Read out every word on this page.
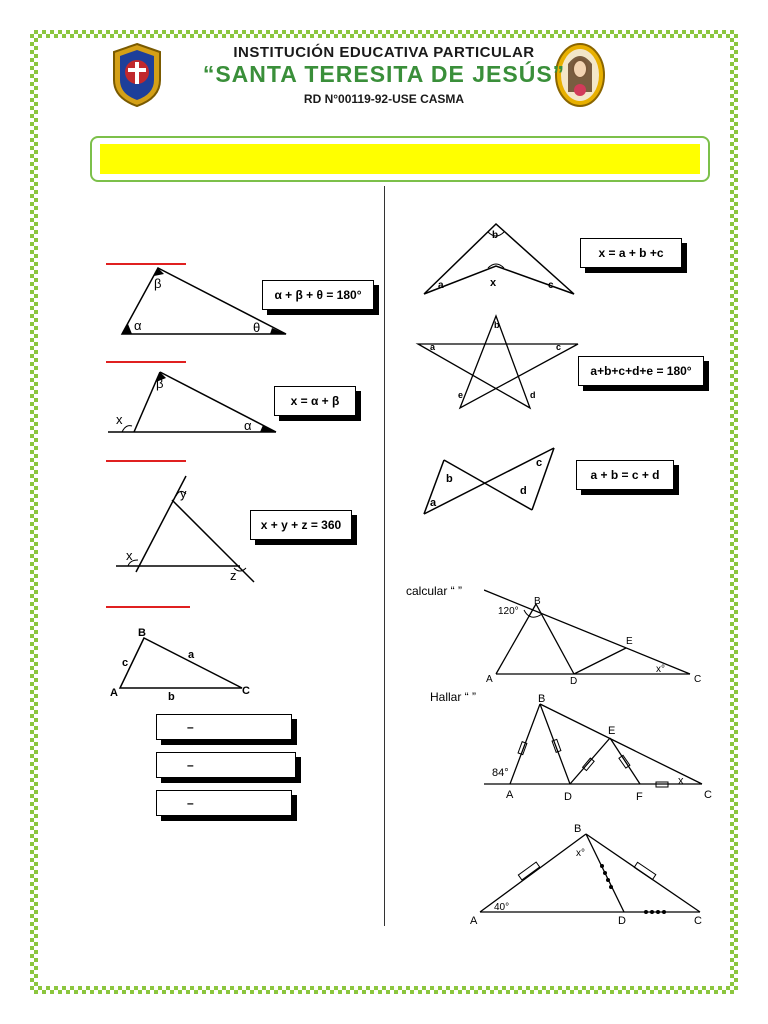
INSTITUCIÓN EDUCATIVA PARTICULAR
“SANTA TERESITA DE JESÚS”
RD N°00119-92-USE CASMA
β
α	θ
α + β + θ = 180°
β
x	α
x = α + β
y
x
z
x + y + z = 360
B
A	C
c
a
b
–
–
–
b
x
a	c
x = a + b +c
b
a	c
e	d
a+b+c+d+e = 180°
b
a
c
d
a + b = c + d
calcular “ ”
B
120°
E
A	D	C
x°
Hallar “ ”	B
E
84°
A	D	F	C
x
B
x°
40°
A	D	C
